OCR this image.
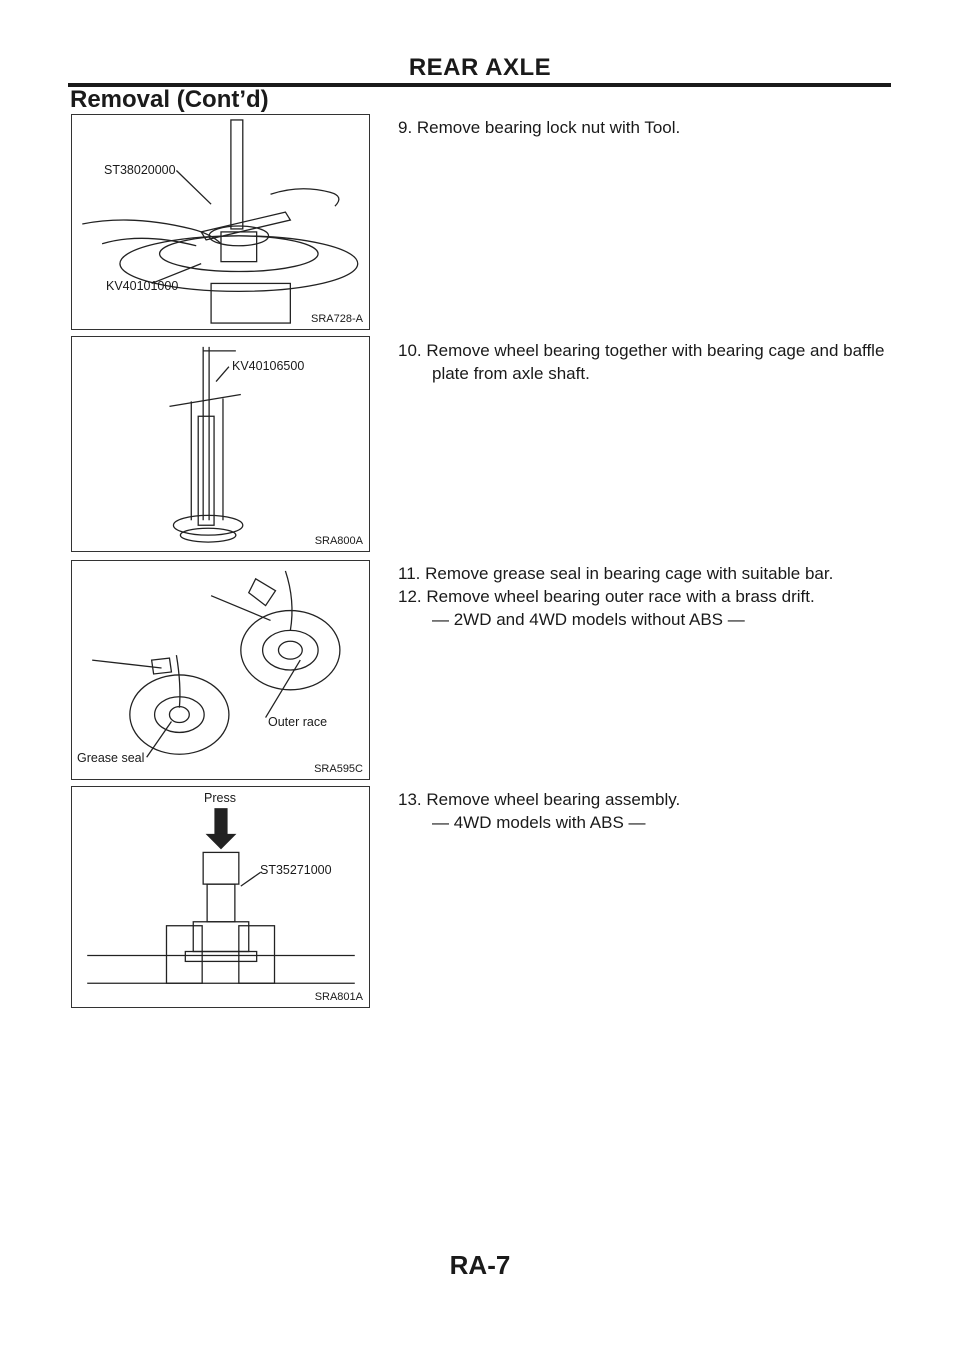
REAR AXLE
Removal (Cont’d)
ST38020000
KV40101000
SRA728-A

9. Remove bearing lock nut with Tool.

KV40106500
SRA800A

10. Remove wheel bearing together with bearing cage and baffle

plate from axle shaft.

Outer race
Grease seal
SRA595C

11. Remove grease seal in bearing cage with suitable bar.

12. Remove wheel bearing outer race with a brass drift.

— 2WD and 4WD models without ABS —

Press
ST35271000
SRA801A

13. Remove wheel bearing assembly.

— 4WD models with ABS —

RA-7
